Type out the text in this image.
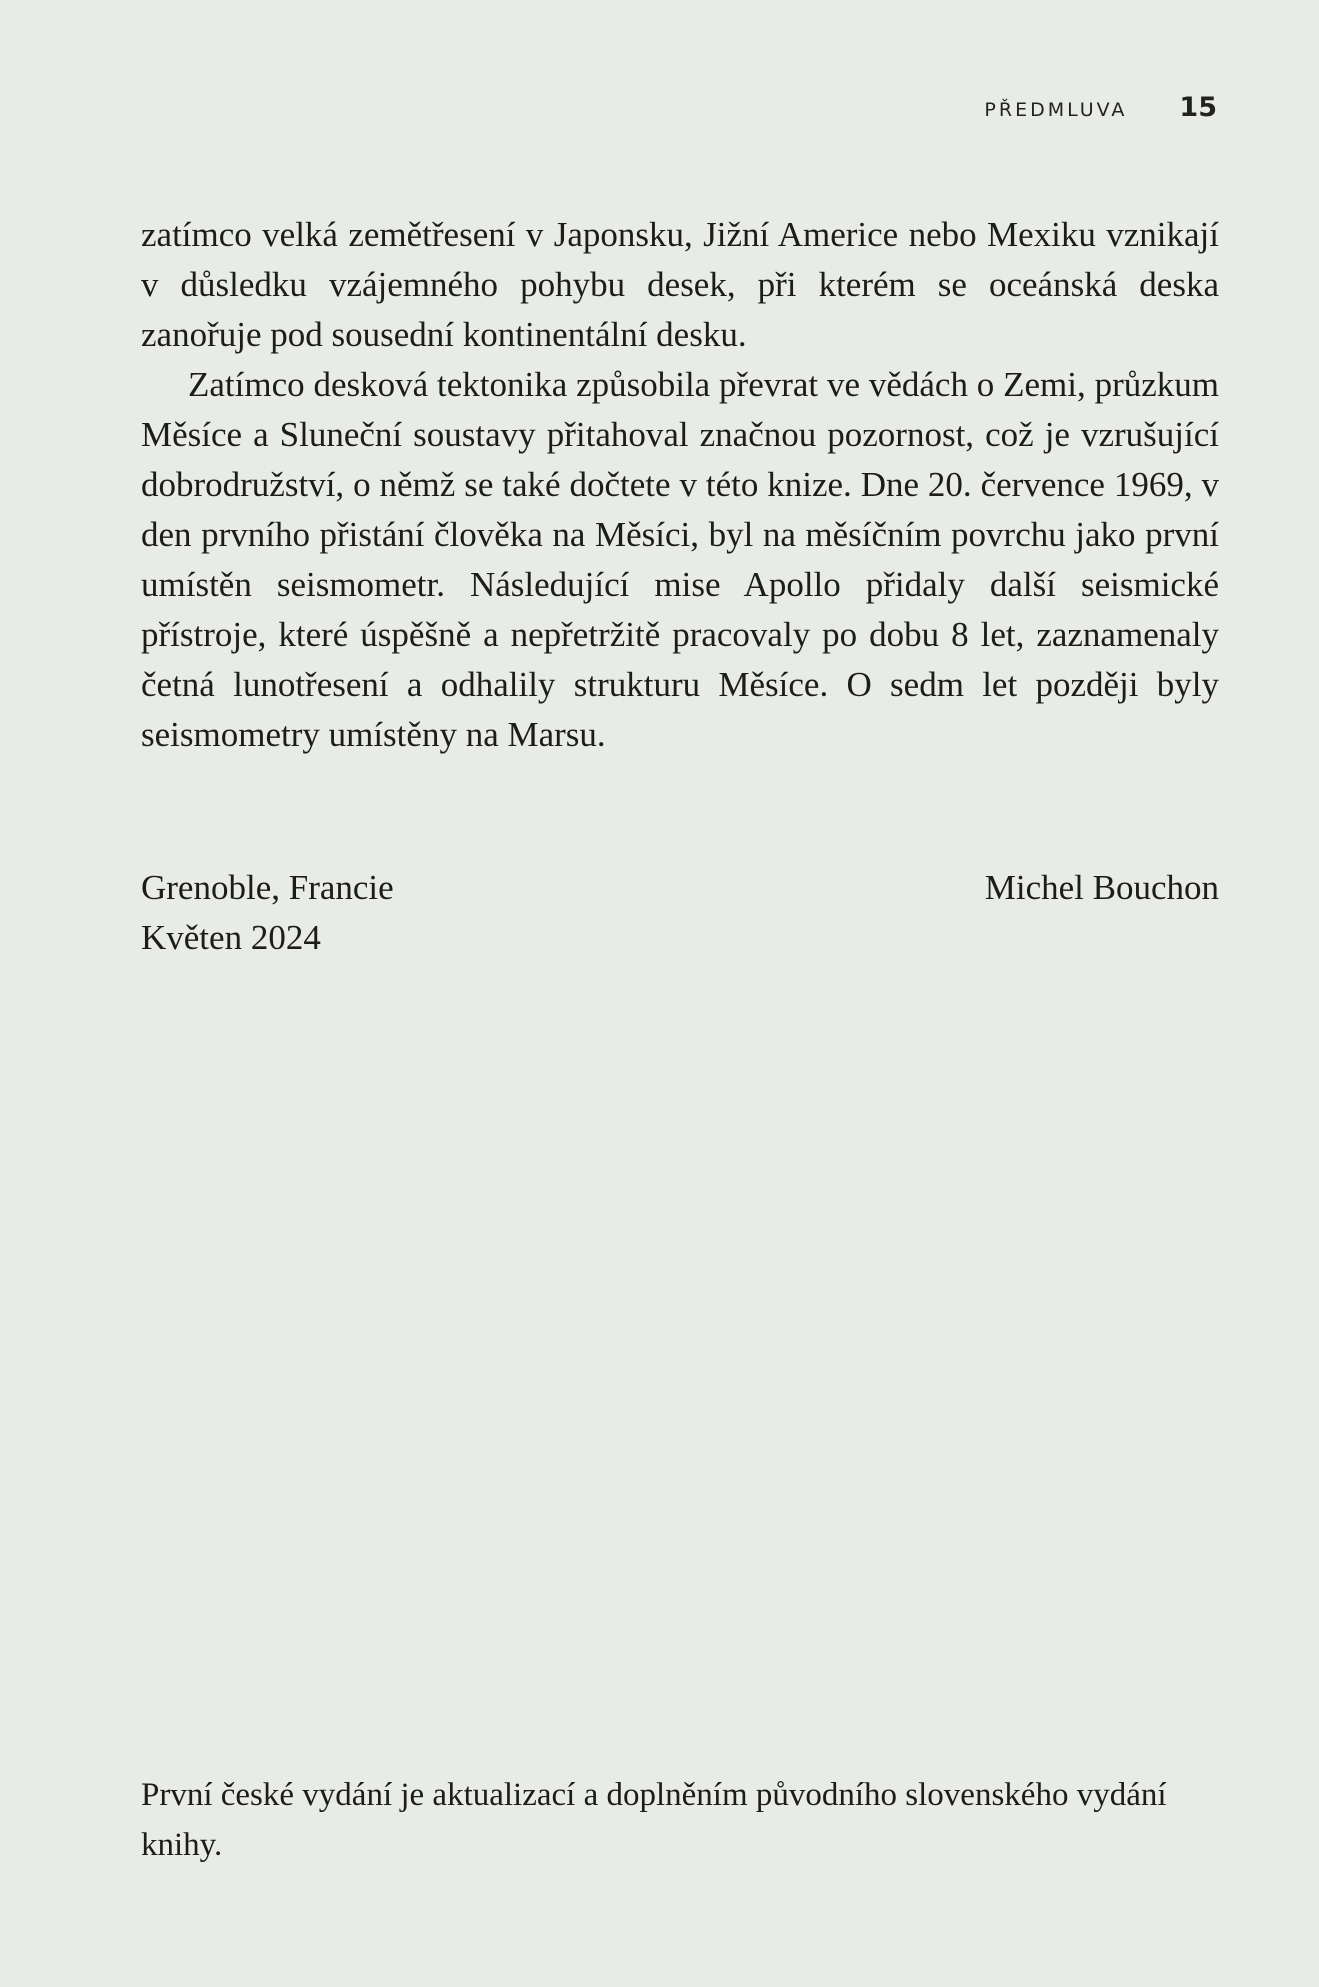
PŘEDMLUVA 15

zatímco velká zemětřesení v Japonsku, Jižní Americe nebo Mexiku vznikají v důsledku vzájemného pohybu desek, při kterém se oceánská deska zanořuje pod sousední kontinentální desku.

Zatímco desková tektonika způsobila převrat ve vědách o Zemi, průzkum Měsíce a Sluneční soustavy přitahoval značnou pozornost, což je vzrušující dobrodružství, o němž se také dočtete v této knize. Dne 20. července 1969, v den prvního přistání člověka na Měsíci, byl na měsíčním povrchu jako první umístěn seismometr. Následující mise Apollo přidaly další seismické přístroje, které úspěšně a nepřetržitě pracovaly po dobu 8 let, zaznamenaly četná lunotřesení a odhalily strukturu Měsíce. O sedm let později byly seismometry umístěny na Marsu.

Grenoble, Francie	Michel Bouchon
Květen 2024
První české vydání je aktualizací a doplněním původního slovenského vydání knihy.
